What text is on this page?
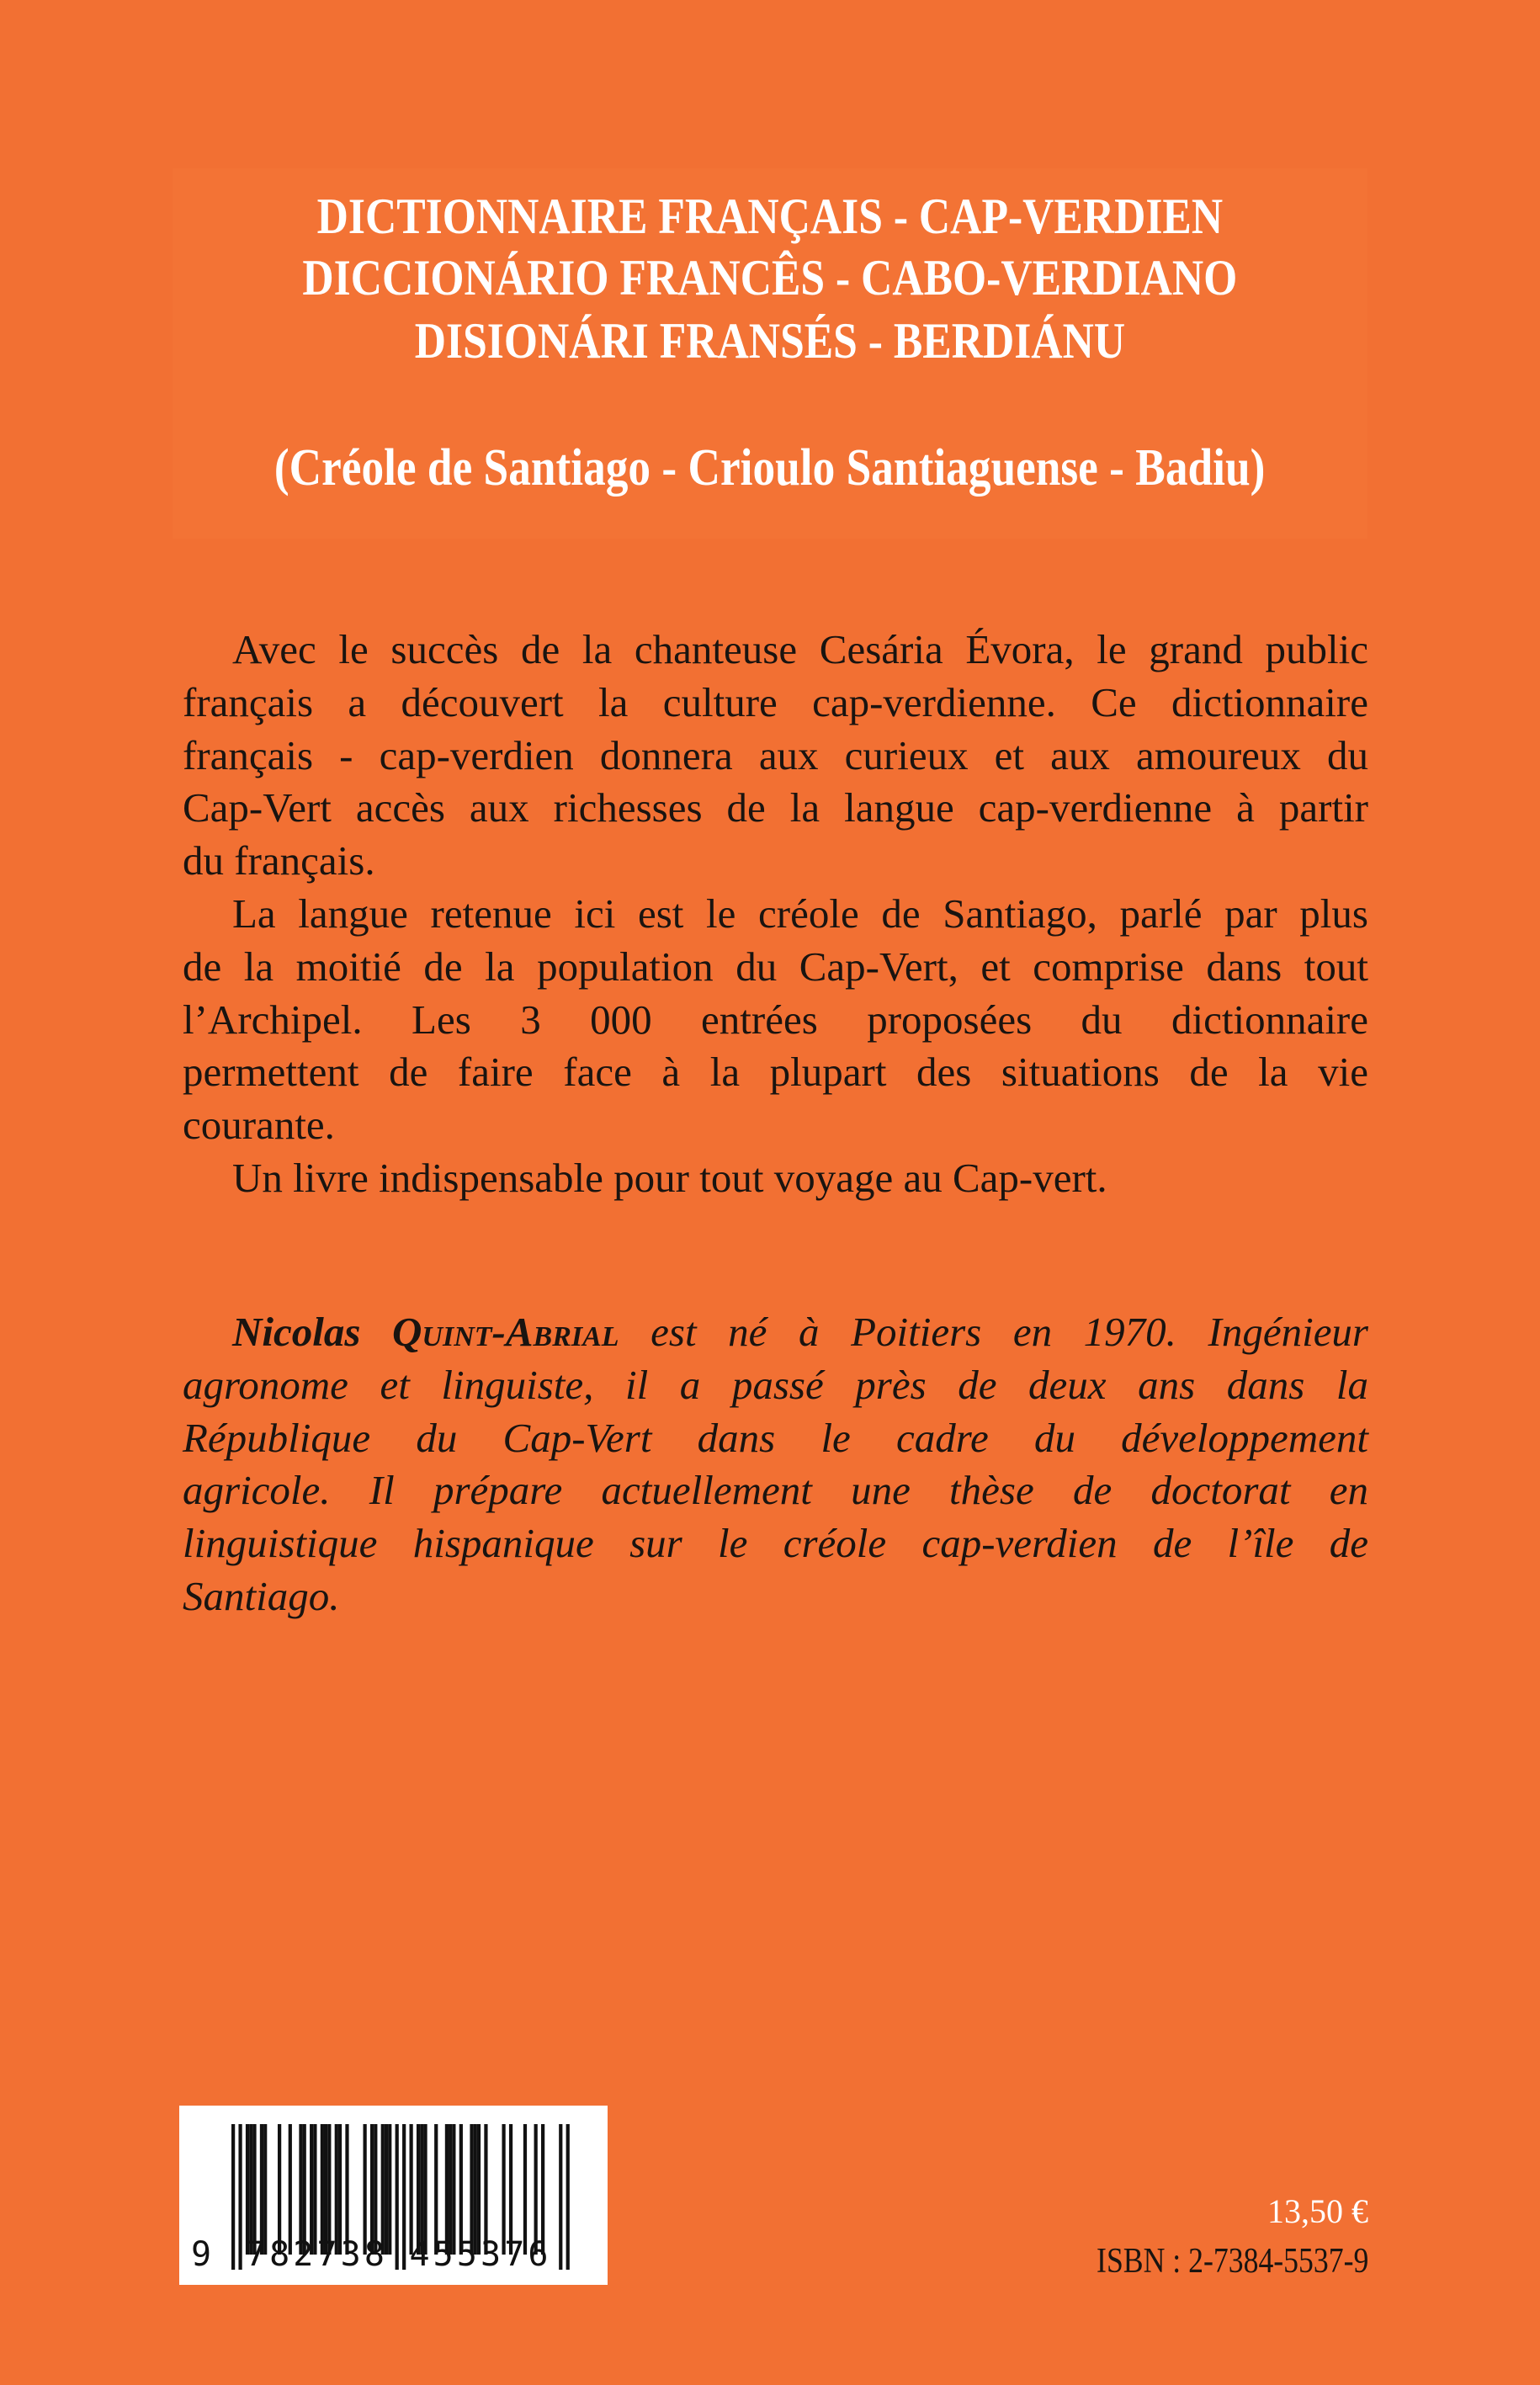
DICTIONNAIRE FRANÇAIS - CAP-VERDIEN
DICCIONÁRIO FRANCÊS - CABO-VERDIANO
DISIONÁRI FRANSÉS - BERDIÁNU
(Créole de Santiago - Crioulo Santiaguense - Badiu)
Avec le succès de la chanteuse Cesária Évora, le grand public
français a découvert la culture cap-verdienne. Ce dictionnaire
français - cap-verdien donnera aux curieux et aux amoureux du
Cap-Vert accès aux richesses de la langue cap-verdienne à partir
du français.
La langue retenue ici est le créole de Santiago, parlé par plus
de la moitié de la population du Cap-Vert, et comprise dans tout
l’Archipel. Les 3 000 entrées proposées du dictionnaire
permettent de faire face à la plupart des situations de la vie
courante.
Un livre indispensable pour tout voyage au Cap-vert.
Nicolas Quint-Abrial est né à Poitiers en 1970. Ingénieur
agronome et linguiste, il a passé près de deux ans dans la
République du Cap-Vert dans le cadre du développement
agricole. Il prépare actuellement une thèse de doctorat en
linguistique hispanique sur le créole cap-verdien de l’île de
Santiago.
9 782738 455376
13,50 €
ISBN : 2-7384-5537-9
